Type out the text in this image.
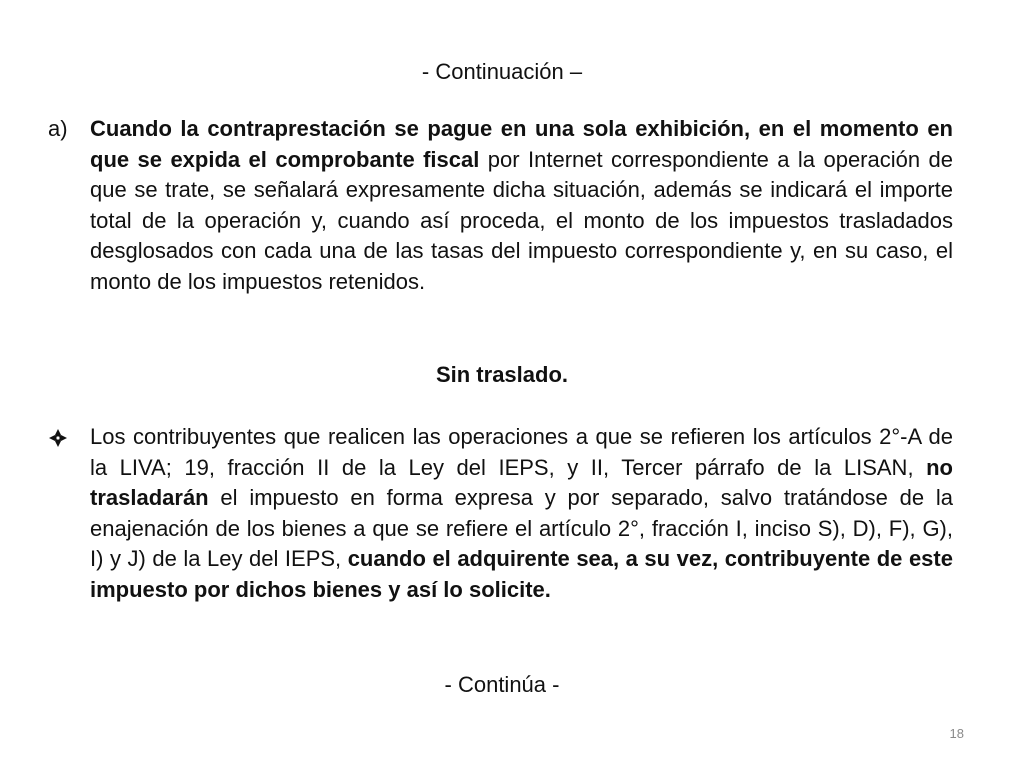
- Continuación –
a) Cuando la contraprestación se pague en una sola exhibición, en el momento en que se expida el comprobante fiscal por Internet correspondiente a la operación de que se trate, se señalará expresamente dicha situación, además se indicará el importe total de la operación y, cuando así proceda, el monto de los impuestos trasladados desglosados con cada una de las tasas del impuesto correspondiente y, en su caso, el monto de los impuestos retenidos.
Sin traslado.
Los contribuyentes que realicen las operaciones a que se refieren los artículos 2°-A de la LIVA; 19, fracción II de la Ley del IEPS, y II, Tercer párrafo de la LISAN, no trasladarán el impuesto en forma expresa y por separado, salvo tratándose de la enajenación de los bienes a que se refiere el artículo 2°, fracción I, inciso S), D), F), G), I) y J) de la Ley del IEPS, cuando el adquirente sea, a su vez, contribuyente de este impuesto por dichos bienes y así lo solicite.
- Continúa -
18
